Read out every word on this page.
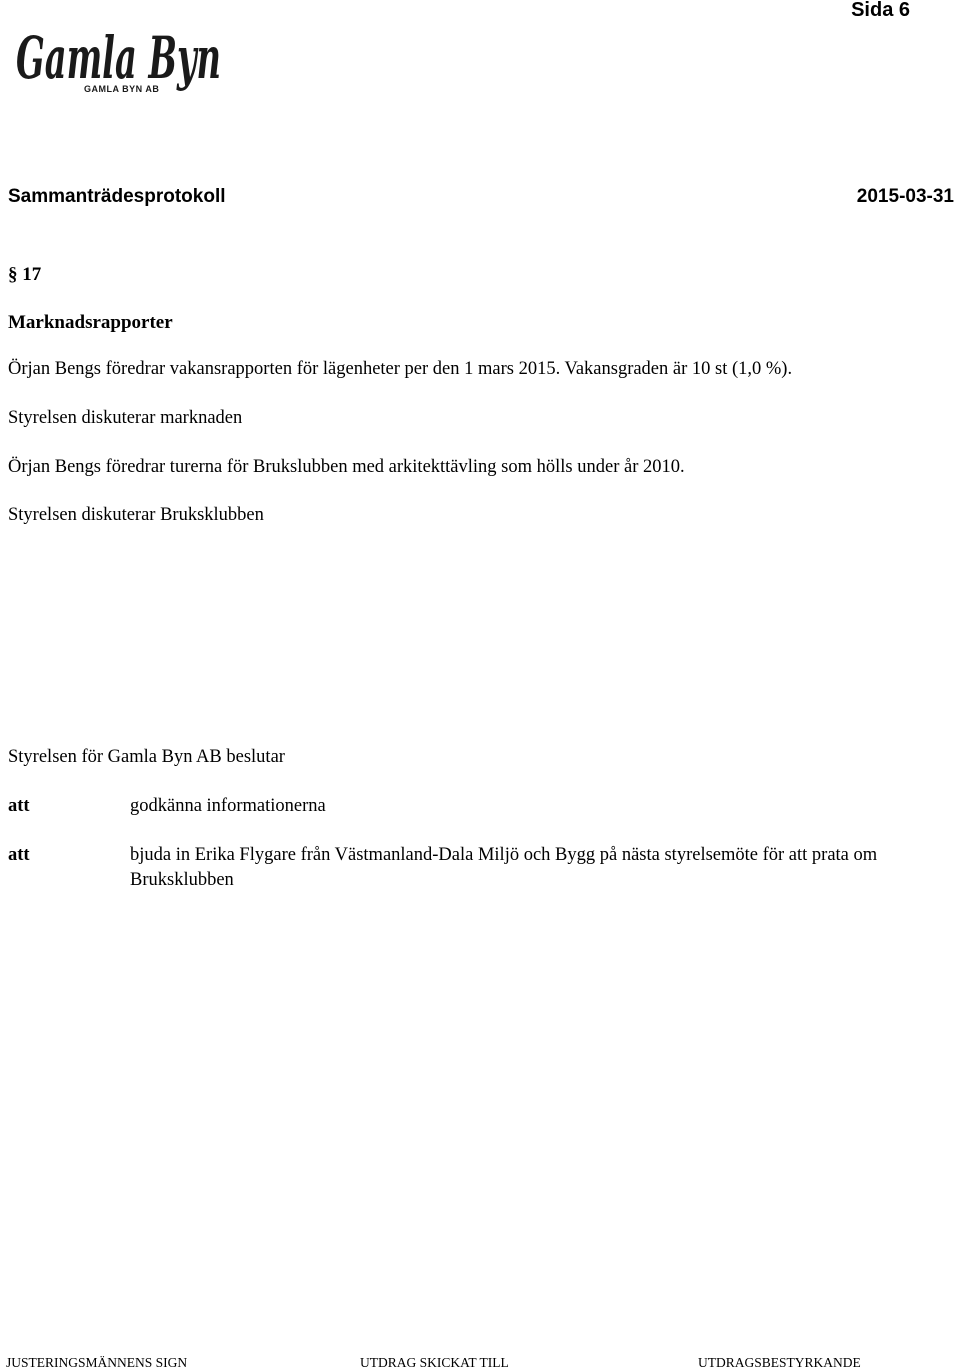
Sida 6
Gamla Byn
GAMLA BYN AB
Sammanträdesprotokoll	2015-03-31
§ 17
Marknadsrapporter
Örjan Bengs föredrar vakansrapporten för lägenheter per den 1 mars 2015. Vakansgraden är 10 st (1,0 %).
Styrelsen diskuterar marknaden
Örjan Bengs föredrar turerna för Brukslubben med arkitekttävling som hölls under år 2010.
Styrelsen diskuterar Bruksklubben
Styrelsen för Gamla Byn AB beslutar
att	godkänna informationerna
att	bjuda in Erika Flygare från Västmanland-Dala Miljö och Bygg på nästa styrelsemöte för att prata om Bruksklubben
JUSTERINGSMÄNNENS SIGN	UTDRAG SKICKAT TILL	UTDRAGSBESTYRKANDE
